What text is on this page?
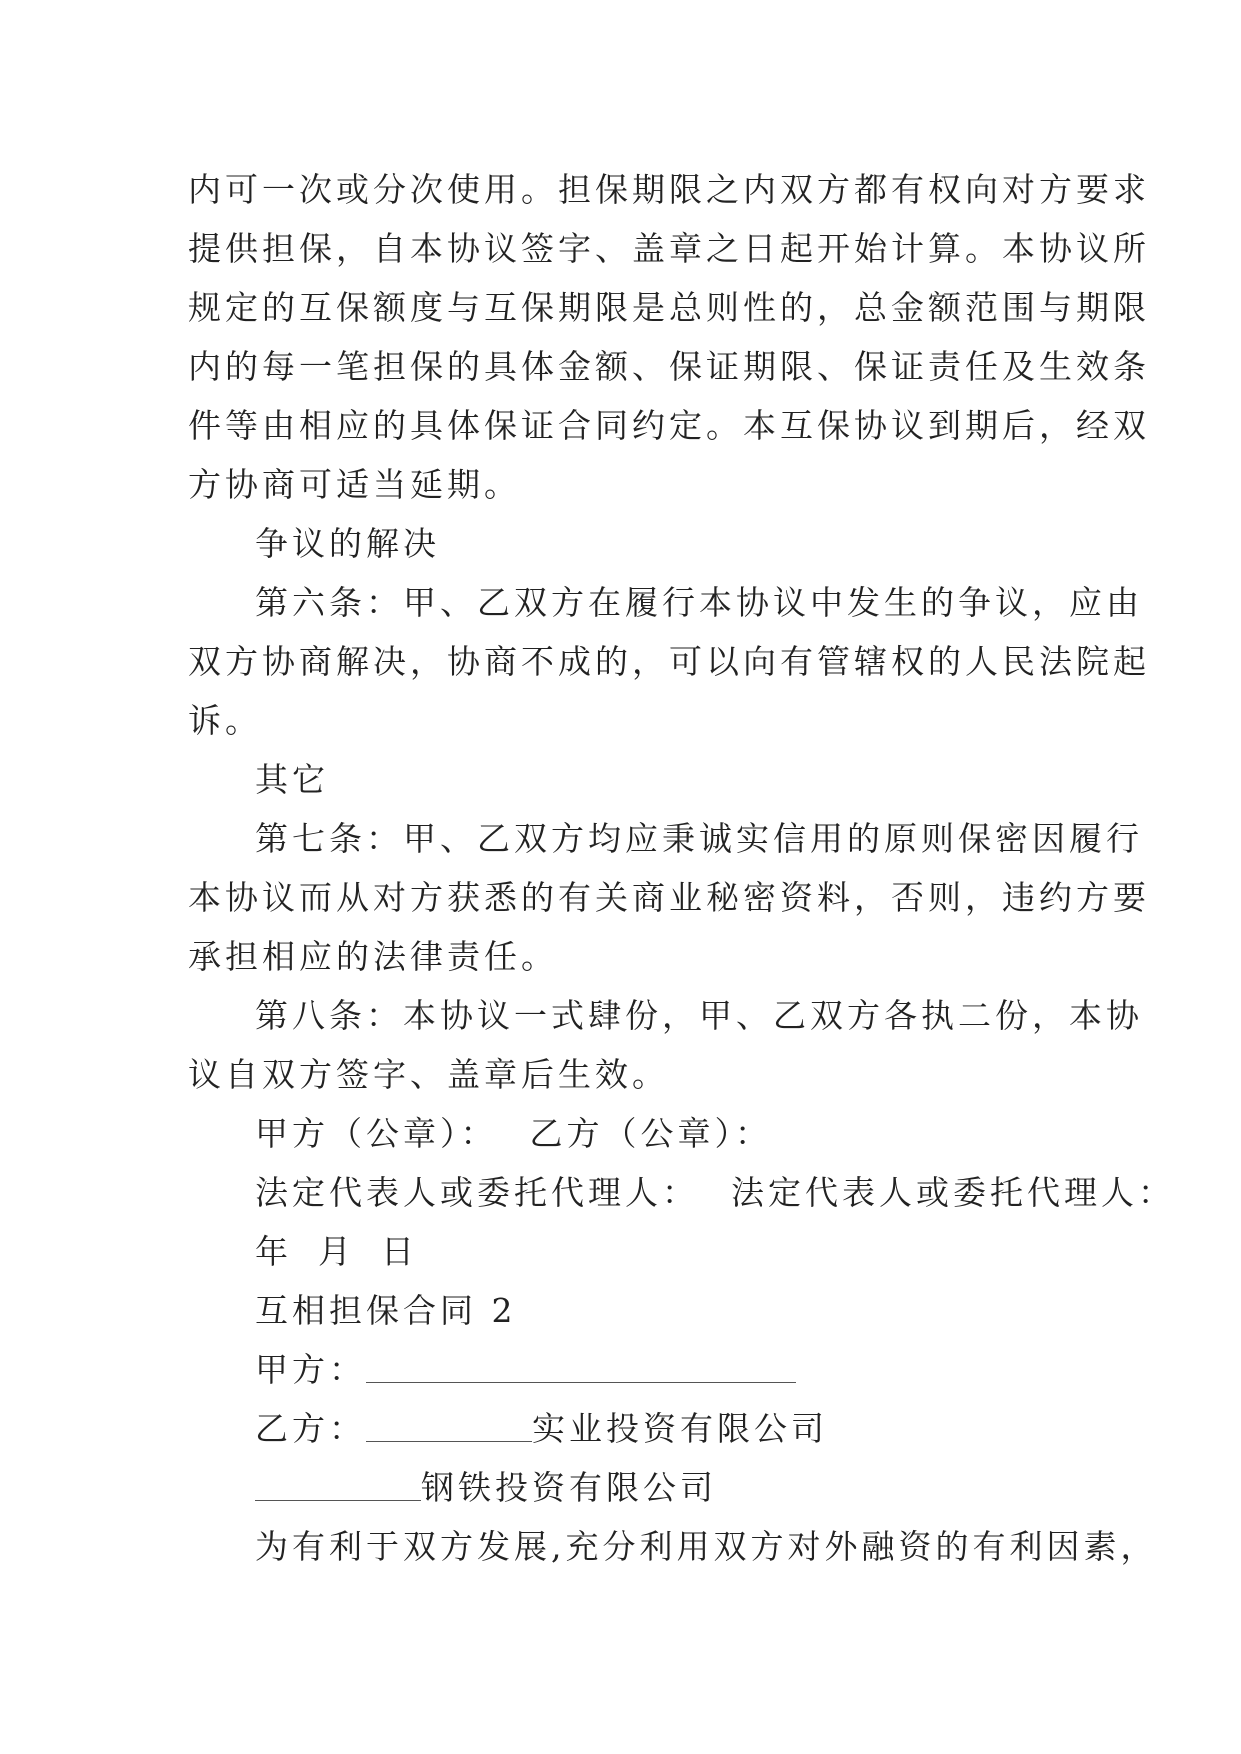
内可一次或分次使用。担保期限之内双方都有权向对方要求
提供担保，自本协议签字、盖章之日起开始计算。本协议所
规定的互保额度与互保期限是总则性的，总金额范围与期限
内的每一笔担保的具体金额、保证期限、保证责任及生效条
件等由相应的具体保证合同约定。本互保协议到期后，经双
方协商可适当延期。
争议的解决
第六条：甲、乙双方在履行本协议中发生的争议，应由
双方协商解决，协商不成的，可以向有管辖权的人民法院起
诉。
其它
第七条：甲、乙双方均应秉诚实信用的原则保密因履行
本协议而从对方获悉的有关商业秘密资料，否则，违约方要
承担相应的法律责任。
第八条：本协议一式肆份，甲、乙双方各执二份，本协
议自双方签字、盖章后生效。
甲方（公章）： 乙方（公章）：
法定代表人或委托代理人： 法定代表人或委托代理人：
年 月 日
互相担保合同 2
甲方：
乙方：	实业投资有限公司
钢铁投资有限公司
为有利于双方发展,充分利用双方对外融资的有利因素，
